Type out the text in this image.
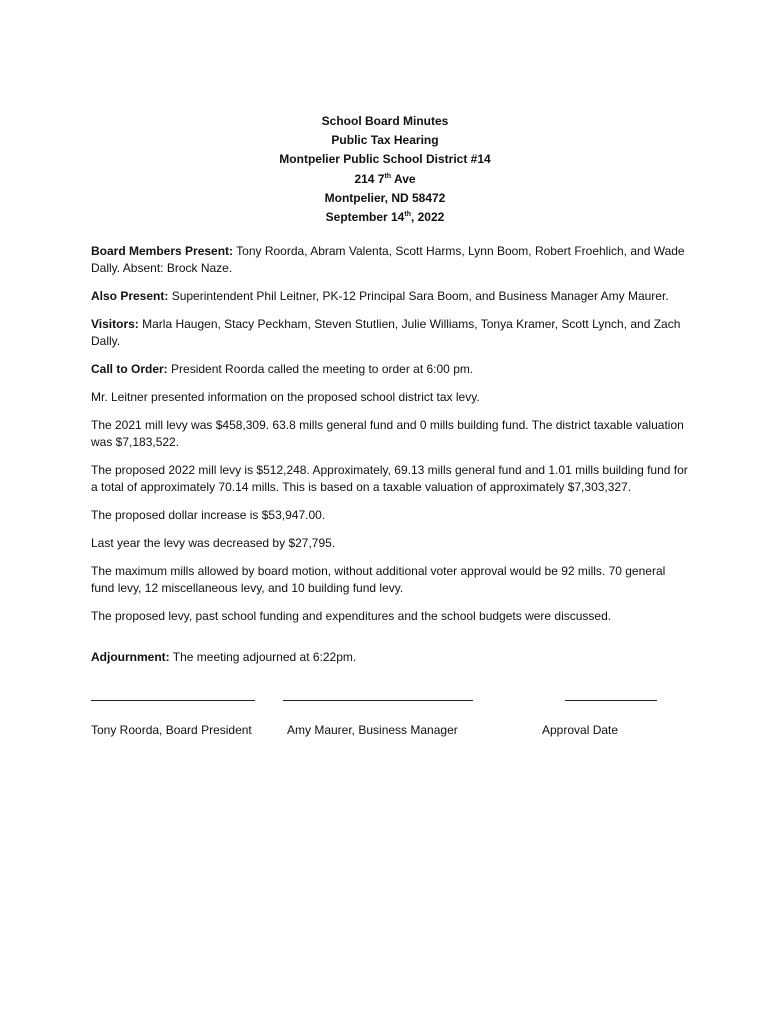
School Board Minutes
Public Tax Hearing
Montpelier Public School District #14
214 7th Ave
Montpelier, ND 58472
September 14th, 2022

Board Members Present: Tony Roorda, Abram Valenta, Scott Harms, Lynn Boom, Robert Froehlich, and Wade Dally. Absent: Brock Naze.

Also Present: Superintendent Phil Leitner, PK-12 Principal Sara Boom, and Business Manager Amy Maurer.

Visitors: Marla Haugen, Stacy Peckham, Steven Stutlien, Julie Williams, Tonya Kramer, Scott Lynch, and Zach Dally.

Call to Order: President Roorda called the meeting to order at 6:00 pm.

Mr. Leitner presented information on the proposed school district tax levy.

The 2021 mill levy was $458,309. 63.8 mills general fund and 0 mills building fund. The district taxable valuation was $7,183,522.

The proposed 2022 mill levy is $512,248. Approximately, 69.13 mills general fund and 1.01 mills building fund for a total of approximately 70.14 mills. This is based on a taxable valuation of approximately $7,303,327.

The proposed dollar increase is $53,947.00.

Last year the levy was decreased by $27,795.

The maximum mills allowed by board motion, without additional voter approval would be 92 mills. 70 general fund levy, 12 miscellaneous levy, and 10 building fund levy.

The proposed levy, past school funding and expenditures and the school budgets were discussed.

Adjournment: The meeting adjourned at 6:22pm.

Tony Roorda, Board President	Amy Maurer, Business Manager	Approval Date
